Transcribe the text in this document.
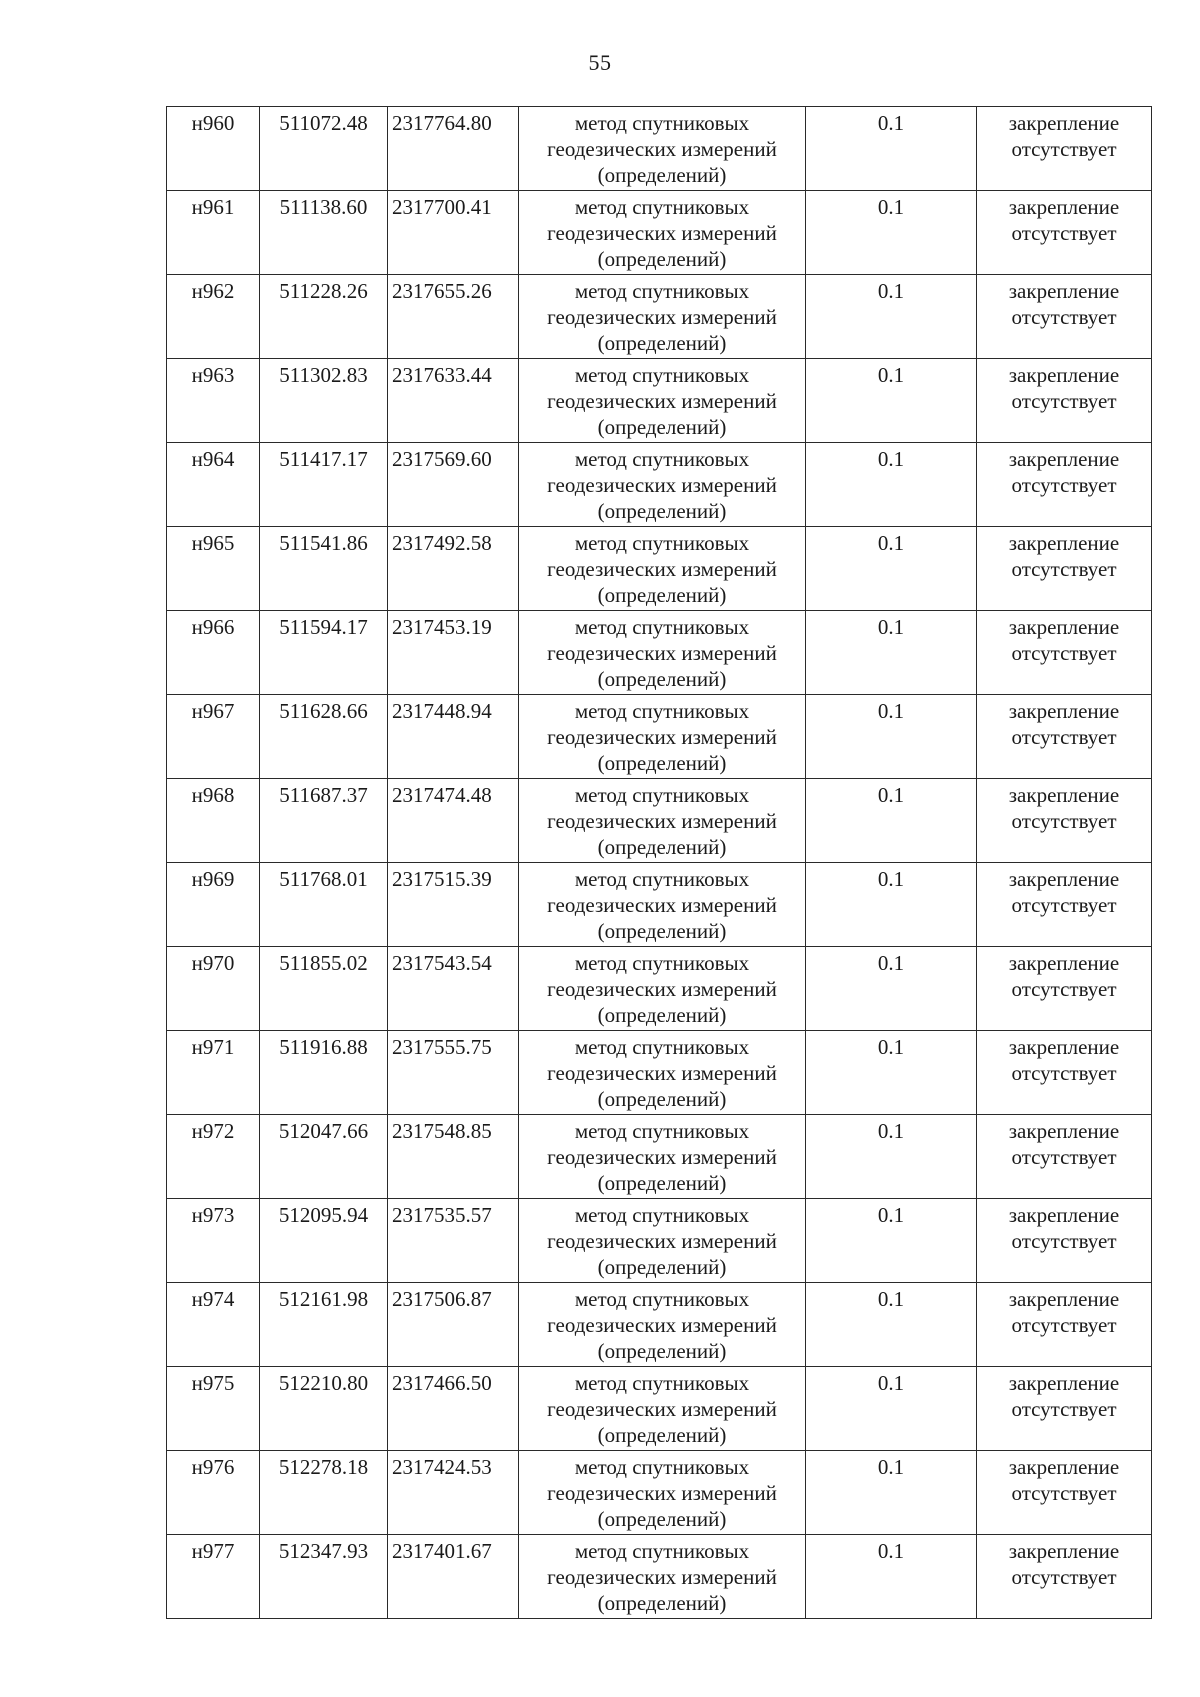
55
н960	511072.48	2317764.80	метод спутниковых
геодезических измерений
(определений)	0.1	закрепление
отсутствует

н961	511138.60	2317700.41	метод спутниковых
геодезических измерений
(определений)	0.1	закрепление
отсутствует

н962	511228.26	2317655.26	метод спутниковых
геодезических измерений
(определений)	0.1	закрепление
отсутствует

н963	511302.83	2317633.44	метод спутниковых
геодезических измерений
(определений)	0.1	закрепление
отсутствует

н964	511417.17	2317569.60	метод спутниковых
геодезических измерений
(определений)	0.1	закрепление
отсутствует

н965	511541.86	2317492.58	метод спутниковых
геодезических измерений
(определений)	0.1	закрепление
отсутствует

н966	511594.17	2317453.19	метод спутниковых
геодезических измерений
(определений)	0.1	закрепление
отсутствует

н967	511628.66	2317448.94	метод спутниковых
геодезических измерений
(определений)	0.1	закрепление
отсутствует

н968	511687.37	2317474.48	метод спутниковых
геодезических измерений
(определений)	0.1	закрепление
отсутствует

н969	511768.01	2317515.39	метод спутниковых
геодезических измерений
(определений)	0.1	закрепление
отсутствует

н970	511855.02	2317543.54	метод спутниковых
геодезических измерений
(определений)	0.1	закрепление
отсутствует

н971	511916.88	2317555.75	метод спутниковых
геодезических измерений
(определений)	0.1	закрепление
отсутствует

н972	512047.66	2317548.85	метод спутниковых
геодезических измерений
(определений)	0.1	закрепление
отсутствует

н973	512095.94	2317535.57	метод спутниковых
геодезических измерений
(определений)	0.1	закрепление
отсутствует

н974	512161.98	2317506.87	метод спутниковых
геодезических измерений
(определений)	0.1	закрепление
отсутствует

н975	512210.80	2317466.50	метод спутниковых
геодезических измерений
(определений)	0.1	закрепление
отсутствует

н976	512278.18	2317424.53	метод спутниковых
геодезических измерений
(определений)	0.1	закрепление
отсутствует

н977	512347.93	2317401.67	метод спутниковых
геодезических измерений
(определений)	0.1	закрепление
отсутствует
